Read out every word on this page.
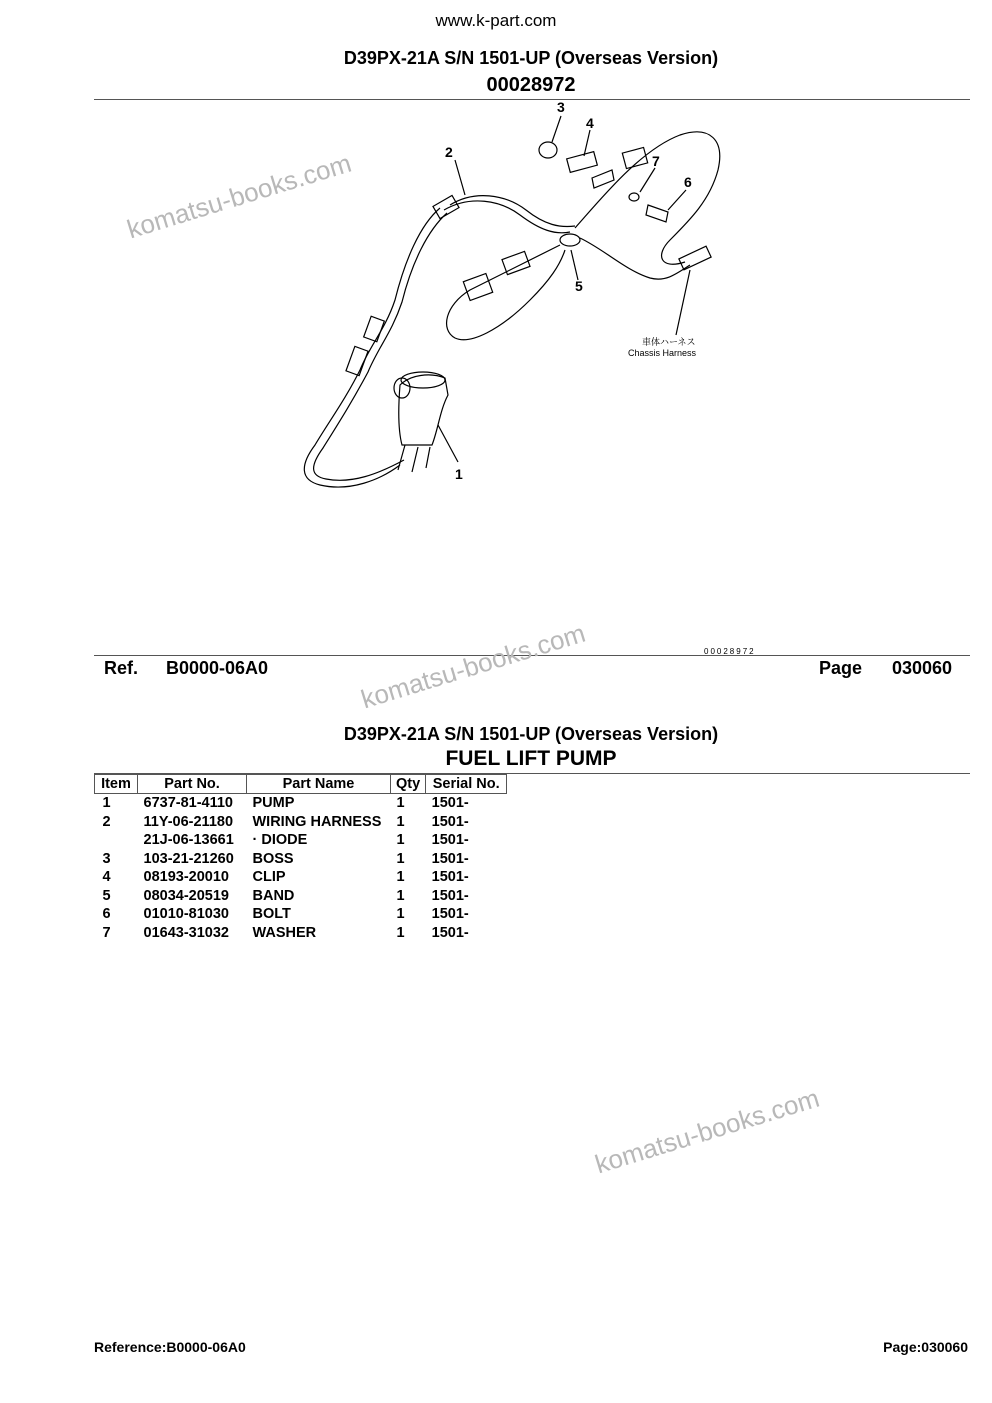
www.k-part.com
D39PX-21A S/N 1501-UP (Overseas Version)
00028972
3
4
7
6
2
5
1
車体ハーネス
Chassis Harness
00028972
Ref. B0000-06A0	Page 030060
D39PX-21A S/N 1501-UP (Overseas Version)
FUEL LIFT PUMP
Item	Part No.	Part Name	Qty	Serial No.
1	6737-81-4110	PUMP	1	1501-
2	11Y-06-21180	WIRING HARNESS	1	1501-
	21J-06-13661	· DIODE	1	1501-
3	103-21-21260	BOSS	1	1501-
4	08193-20010	CLIP	1	1501-
5	08034-20519	BAND	1	1501-
6	01010-81030	BOLT	1	1501-
7	01643-31032	WASHER	1	1501-
komatsu-books.com
komatsu-books.com
komatsu-books.com
Reference:B0000-06A0	Page:030060
